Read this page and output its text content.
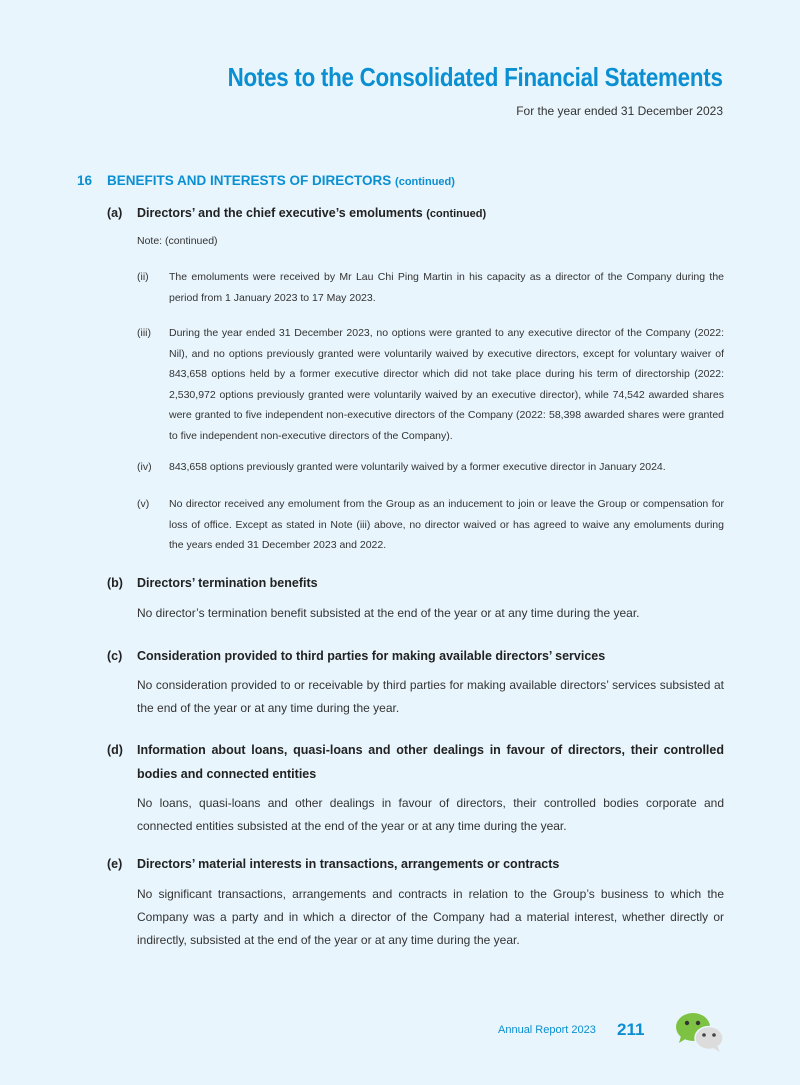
Notes to the Consolidated Financial Statements
For the year ended 31 December 2023
16 BENEFITS AND INTERESTS OF DIRECTORS (continued)
(a)	Directors’ and the chief executive’s emoluments (continued)
Note: (continued)
(ii)	The emoluments were received by Mr Lau Chi Ping Martin in his capacity as a director of the Company during the period from 1 January 2023 to 17 May 2023.
(iii)	During the year ended 31 December 2023, no options were granted to any executive director of the Company (2022: Nil), and no options previously granted were voluntarily waived by executive directors, except for voluntary waiver of 843,658 options held by a former executive director which did not take place during his term of directorship (2022: 2,530,972 options previously granted were voluntarily waived by an executive director), while 74,542 awarded shares were granted to five independent non-executive directors of the Company (2022: 58,398 awarded shares were granted to five independent non-executive directors of the Company).
(iv)	843,658 options previously granted were voluntarily waived by a former executive director in January 2024.
(v)	No director received any emolument from the Group as an inducement to join or leave the Group or compensation for loss of office. Except as stated in Note (iii) above, no director waived or has agreed to waive any emoluments during the years ended 31 December 2023 and 2022.
(b)	Directors’ termination benefits
No director’s termination benefit subsisted at the end of the year or at any time during the year.
(c)	Consideration provided to third parties for making available directors’ services
No consideration provided to or receivable by third parties for making available directors’ services subsisted at the end of the year or at any time during the year.
(d)	Information about loans, quasi-loans and other dealings in favour of directors, their controlled bodies and connected entities
No loans, quasi-loans and other dealings in favour of directors, their controlled bodies corporate and connected entities subsisted at the end of the year or at any time during the year.
(e)	Directors’ material interests in transactions, arrangements or contracts
No significant transactions, arrangements and contracts in relation to the Group’s business to which the Company was a party and in which a director of the Company had a material interest, whether directly or indirectly, subsisted at the end of the year or at any time during the year.
Annual Report 2023 211
